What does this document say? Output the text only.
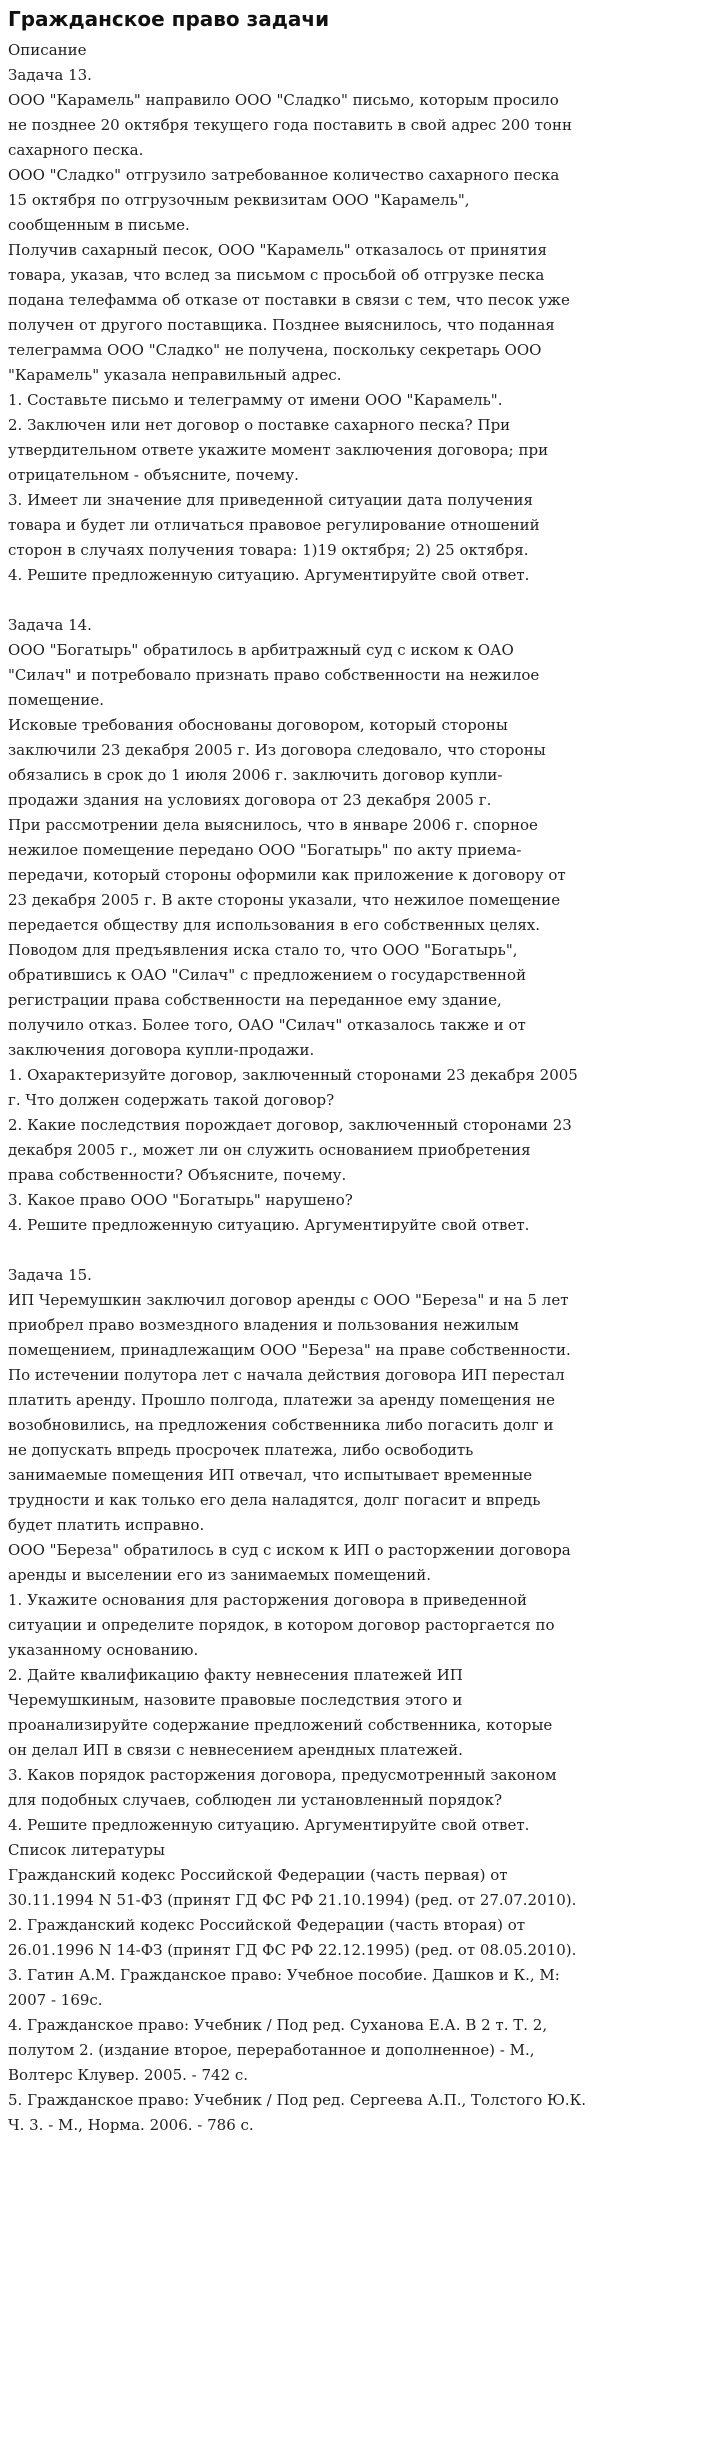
Гражданское право задачи
Описание
Задача 13.
ООО "Карамель" направило ООО "Сладко" письмо, которым просило
не позднее 20 октября текущего года поставить в свой адрес 200 тонн
сахарного песка.
ООО "Сладко" отгрузило затребованное количество сахарного песка
15 октября по отгрузочным реквизитам ООО "Карамель",
сообщенным в письме.
Получив сахарный песок, ООО "Карамель" отказалось от принятия
товара, указав, что вслед за письмом с просьбой об отгрузке песка
подана телефамма об отказе от поставки в связи с тем, что песок уже
получен от другого поставщика. Позднее выяснилось, что поданная
телеграмма ООО "Сладко" не получена, поскольку секретарь ООО
"Карамель" указала неправильный адрес.
1. Составьте письмо и телеграмму от имени ООО "Карамель".
2. Заключен или нет договор о поставке сахарного песка? При
утвердительном ответе укажите момент заключения договора; при
отрицательном - объясните, почему.
3. Имеет ли значение для приведенной ситуации дата получения
товара и будет ли отличаться правовое регулирование отношений
сторон в случаях получения товара: 1)19 октября; 2) 25 октября.
4. Решите предложенную ситуацию. Аргументируйте свой ответ.
Задача 14.
ООО "Богатырь" обратилось в арбитражный суд с иском к ОАО
"Силач" и потребовало признать право собственности на нежилое
помещение.
Исковые требования обоснованы договором, который стороны
заключили 23 декабря 2005 г. Из договора следовало, что стороны
обязались в срок до 1 июля 2006 г. заключить договор купли-
продажи здания на условиях договора от 23 декабря 2005 г.
При рассмотрении дела выяснилось, что в январе 2006 г. спорное
нежилое помещение передано ООО "Богатырь" по акту приема-
передачи, который стороны оформили как приложение к договору от
23 декабря 2005 г. В акте стороны указали, что нежилое помещение
передается обществу для использования в его собственных целях.
Поводом для предъявления иска стало то, что ООО "Богатырь",
обратившись к ОАО "Силач" с предложением о государственной
регистрации права собственности на переданное ему здание,
получило отказ. Более того, ОАО "Силач" отказалось также и от
заключения договора купли-продажи.
1. Охарактеризуйте договор, заключенный сторонами 23 декабря 2005
г. Что должен содержать такой договор?
2. Какие последствия порождает договор, заключенный сторонами 23
декабря 2005 г., может ли он служить основанием приобретения
права собственности? Объясните, почему.
3. Какое право ООО "Богатырь" нарушено?
4. Решите предложенную ситуацию. Аргументируйте свой ответ.
Задача 15.
ИП Черемушкин заключил договор аренды с ООО "Береза" и на 5 лет
приобрел право возмездного владения и пользования нежилым
помещением, принадлежащим ООО "Береза" на праве собственности.
По истечении полутора лет с начала действия договора ИП перестал
платить аренду. Прошло полгода, платежи за аренду помещения не
возобновились, на предложения собственника либо погасить долг и
не допускать впредь просрочек платежа, либо освободить
занимаемые помещения ИП отвечал, что испытывает временные
трудности и как только его дела наладятся, долг погасит и впредь
будет платить исправно.
ООО "Береза" обратилось в суд с иском к ИП о расторжении договора
аренды и выселении его из занимаемых помещений.
1. Укажите основания для расторжения договора в приведенной
ситуации и определите порядок, в котором договор расторгается по
указанному основанию.
2. Дайте квалификацию факту невнесения платежей ИП
Черемушкиным, назовите правовые последствия этого и
проанализируйте содержание предложений собственника, которые
он делал ИП в связи с невнесением арендных платежей.
3. Каков порядок расторжения договора, предусмотренный законом
для подобных случаев, соблюден ли установленный порядок?
4. Решите предложенную ситуацию. Аргументируйте свой ответ.
Список литературы
Гражданский кодекс Российской Федерации (часть первая) от
30.11.1994 N 51-ФЗ (принят ГД ФС РФ 21.10.1994) (ред. от 27.07.2010).
2. Гражданский кодекс Российской Федерации (часть вторая) от
26.01.1996 N 14-ФЗ (принят ГД ФС РФ 22.12.1995) (ред. от 08.05.2010).
3. Гатин А.М. Гражданское право: Учебное пособие. Дашков и К., М:
2007 - 169с.
4. Гражданское право: Учебник / Под ред. Суханова Е.А. В 2 т. Т. 2,
полутом 2. (издание второе, переработанное и дополненное) - М.,
Волтерс Клувер. 2005. - 742 с.
5. Гражданское право: Учебник / Под ред. Сергеева А.П., Толстого Ю.К.
Ч. 3. - М., Норма. 2006. - 786 с.
